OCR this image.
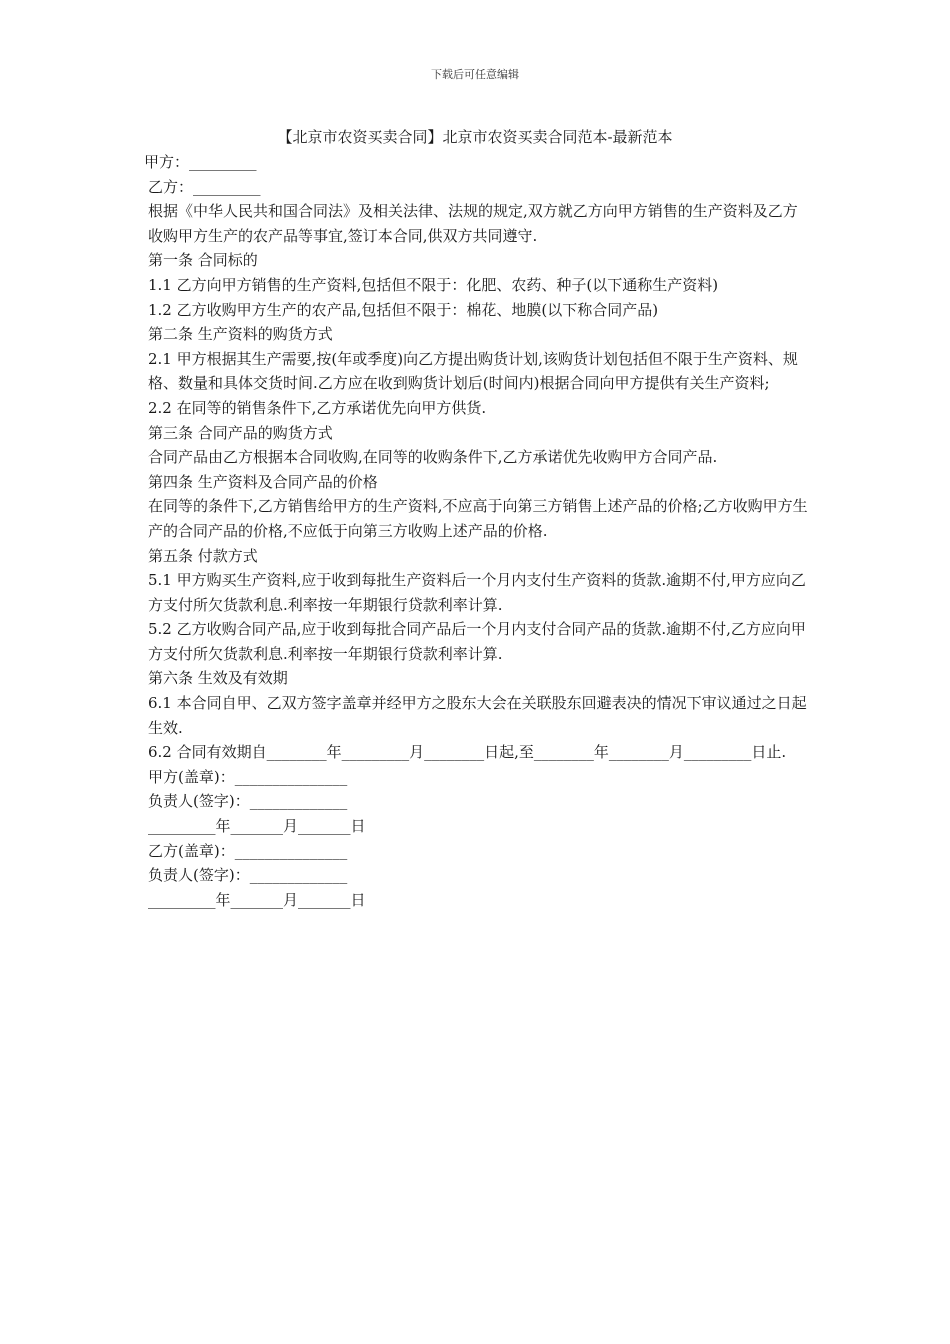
下载后可任意编辑
【北京市农资买卖合同】北京市农资买卖合同范本-最新范本

甲方：_________

乙方：_________

根据《中华人民共和国合同法》及相关法律、法规的规定,双方就乙方向甲方销售的生产资料及乙方收购甲方生产的农产品等事宜,签订本合同,供双方共同遵守.

第一条 合同标的

1.1 乙方向甲方销售的生产资料,包括但不限于：化肥、农药、种子(以下通称生产资料)

1.2 乙方收购甲方生产的农产品,包括但不限于：棉花、地膜(以下称合同产品)

第二条 生产资料的购货方式

2.1 甲方根据其生产需要,按(年或季度)向乙方提出购货计划,该购货计划包括但不限于生产资料、规格、数量和具体交货时间.乙方应在收到购货计划后(时间内)根据合同向甲方提供有关生产资料;

2.2 在同等的销售条件下,乙方承诺优先向甲方供货.

第三条 合同产品的购货方式

合同产品由乙方根据本合同收购,在同等的收购条件下,乙方承诺优先收购甲方合同产品.

第四条 生产资料及合同产品的价格

在同等的条件下,乙方销售给甲方的生产资料,不应高于向第三方销售上述产品的价格;乙方收购甲方生产的合同产品的价格,不应低于向第三方收购上述产品的价格.

第五条 付款方式

5.1 甲方购买生产资料,应于收到每批生产资料后一个月内支付生产资料的货款.逾期不付,甲方应向乙方支付所欠货款利息.利率按一年期银行贷款利率计算.

5.2 乙方收购合同产品,应于收到每批合同产品后一个月内支付合同产品的货款.逾期不付,乙方应向甲方支付所欠货款利息.利率按一年期银行贷款利率计算.

第六条 生效及有效期

6.1 本合同自甲、乙双方签字盖章并经甲方之股东大会在关联股东回避表决的情况下审议通过之日起生效.

6.2 合同有效期自________年_________月________日起,至________年________月_________日止.

甲方(盖章)：_______________

负责人(签字)：_____________

_________年_______月_______日

乙方(盖章)：_______________

负责人(签字)：_____________

_________年_______月_______日
